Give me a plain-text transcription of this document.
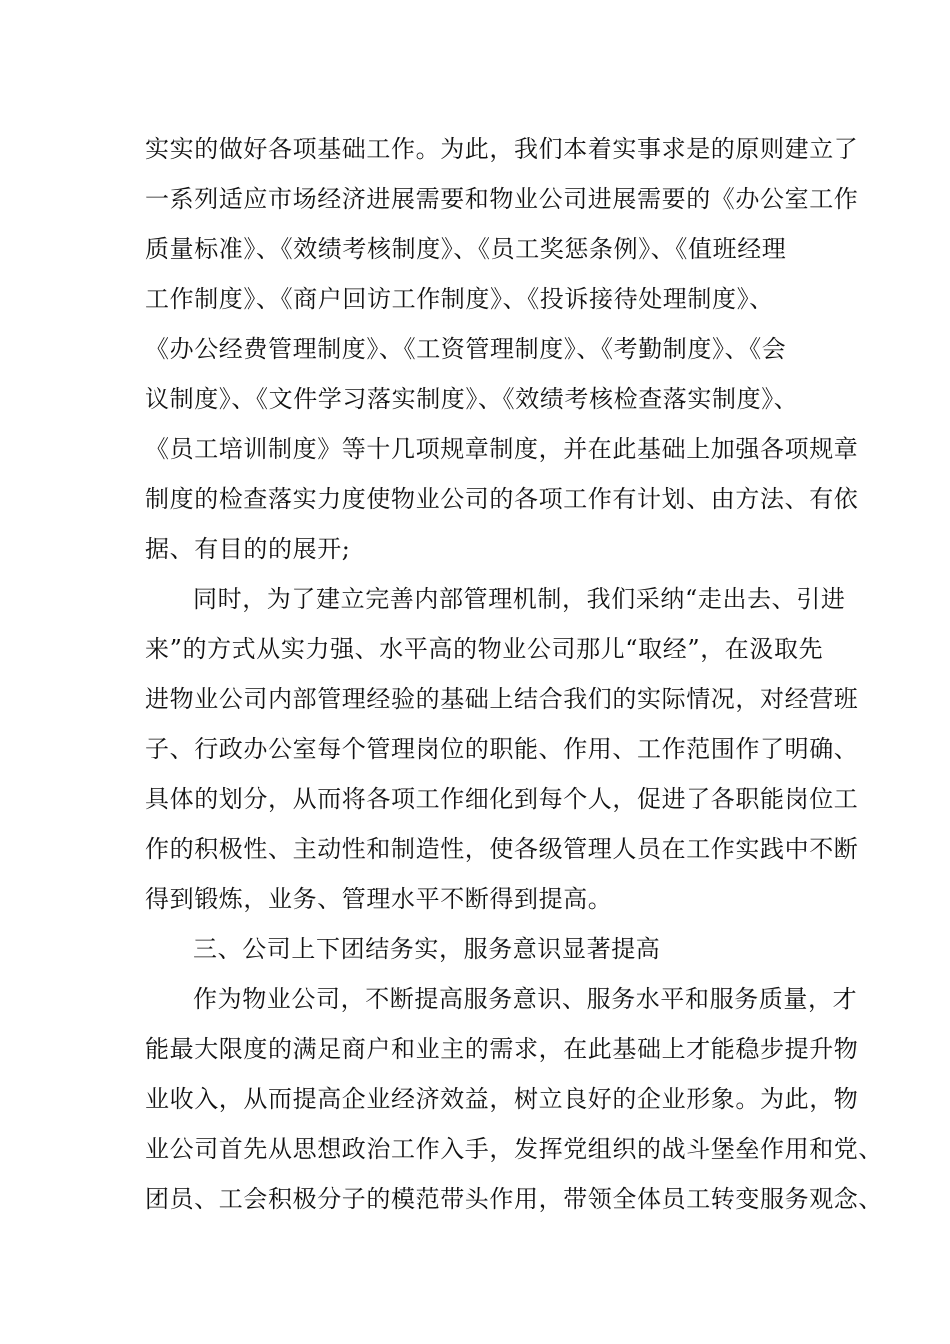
实实的做好各项基础工作。为此，我们本着实事求是的原则建立了
一系列适应市场经济进展需要和物业公司进展需要的《办公室工作
质量标准》、《效绩考核制度》、《员工奖惩条例》、《值班经理
工作制度》、《商户回访工作制度》、《投诉接待处理制度》、
《办公经费管理制度》、《工资管理制度》、《考勤制度》、《会
议制度》、《文件学习落实制度》、《效绩考核检查落实制度》、
《员工培训制度》等十几项规章制度，并在此基础上加强各项规章
制度的检查落实力度使物业公司的各项工作有计划、由方法、有依
据、有目的的展开;
同时，为了建立完善内部管理机制，我们采纳“走出去、引进
来”的方式从实力强、水平高的物业公司那儿“取经”，在汲取先
进物业公司内部管理经验的基础上结合我们的实际情况，对经营班
子、行政办公室每个管理岗位的职能、作用、工作范围作了明确、
具体的划分，从而将各项工作细化到每个人，促进了各职能岗位工
作的积极性、主动性和制造性，使各级管理人员在工作实践中不断
得到锻炼，业务、管理水平不断得到提高。
三、公司上下团结务实，服务意识显著提高
作为物业公司，不断提高服务意识、服务水平和服务质量，才
能最大限度的满足商户和业主的需求，在此基础上才能稳步提升物
业收入，从而提高企业经济效益，树立良好的企业形象。为此，物
业公司首先从思想政治工作入手，发挥党组织的战斗堡垒作用和党、
团员、工会积极分子的模范带头作用，带领全体员工转变服务观念、
